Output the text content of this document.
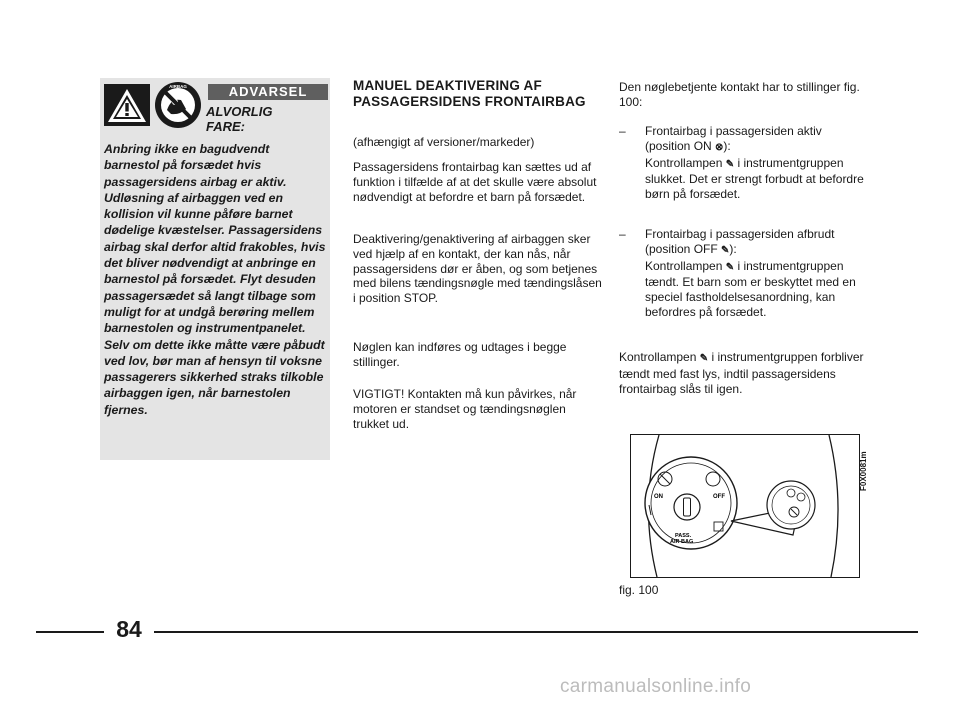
AIRBAG	ADVARSEL
ALVORLIG
FARE:
Anbring ikke en bagudvendt barnestol på forsædet hvis passagersidens airbag er aktiv. Udløsning af airbaggen ved en kollision vil kunne påføre barnet dødelige kvæstelser. Passagersidens airbag skal derfor altid frakobles, hvis det bliver nødvendigt at anbringe en barnestol på forsædet. Flyt desuden passagersædet så langt tilbage som muligt for at undgå berøring mellem barnestolen og instrumentpanelet. Selv om dette ikke måtte være påbudt ved lov, bør man af hensyn til voksne passagerers sikkerhed straks tilkoble airbaggen igen, når barnestolen fjernes.
MANUEL DEAKTIVERING AF PASSAGERSIDENS FRONTAIRBAG
(afhængigt af versioner/markeder)
Passagersidens frontairbag kan sættes ud af funktion i tilfælde af at det skulle være absolut nødvendigt at befordre et barn på forsædet.
Deaktivering/genaktivering af airbaggen sker ved hjælp af en kontakt, der kan nås, når passagersidens dør er åben, og som betjenes med bilens tændingsnøgle med tændingslåsen i position STOP.
Nøglen kan indføres og udtages i begge stillinger.
VIGTIGT! Kontakten må kun påvirkes, når motoren er standset og tændingsnøglen trukket ud.
Den nøglebetjente kontakt har to stillinger fig. 100:
– Frontairbag i passagersiden aktiv (position ON ⊗):
Kontrollampen ✎ i instrumentgruppen slukket. Det er strengt forbudt at befordre børn på forsædet.
– Frontairbag i passagersiden afbrudt (position OFF ✎):
Kontrollampen ✎ i instrumentgruppen tændt. Et barn som er beskyttet med en speciel fastholdelsesanordning, kan befordres på forsædet.
Kontrollampen ✎ i instrumentgruppen forbliver tændt med fast lys, indtil passagersidens frontairbag slås til igen.
ON	OFF
PASS.
AIR BAG
F0X0081m
fig. 100
84
carmanualsonline.info
